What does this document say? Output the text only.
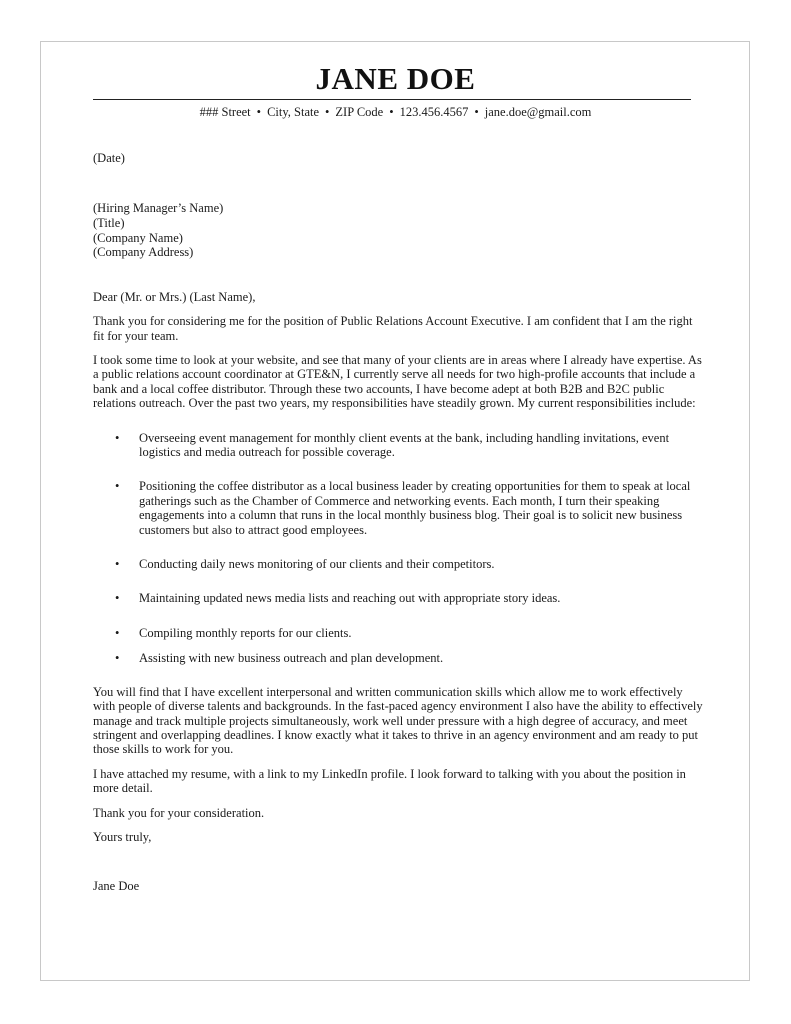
JANE DOE
### Street • City, State • ZIP Code • 123.456.4567 • jane.doe@gmail.com

(Date)

(Hiring Manager’s Name)
(Title)
(Company Name)
(Company Address)

Dear (Mr. or Mrs.) (Last Name),

Thank you for considering me for the position of Public Relations Account Executive. I am confident that I am the right fit for your team.

I took some time to look at your website, and see that many of your clients are in areas where I already have expertise. As a public relations account coordinator at GTE&N, I currently serve all needs for two high-profile accounts that include a bank and a local coffee distributor. Through these two accounts, I have become adept at both B2B and B2C public relations outreach. Over the past two years, my responsibilities have steadily grown. My current responsibilities include:

• Overseeing event management for monthly client events at the bank, including handling invitations, event logistics and media outreach for possible coverage.
• Positioning the coffee distributor as a local business leader by creating opportunities for them to speak at local gatherings such as the Chamber of Commerce and networking events. Each month, I turn their speaking engagements into a column that runs in the local monthly business blog. Their goal is to solicit new business customers but also to attract good employees.
• Conducting daily news monitoring of our clients and their competitors.
• Maintaining updated news media lists and reaching out with appropriate story ideas.
• Compiling monthly reports for our clients.
• Assisting with new business outreach and plan development.

You will find that I have excellent interpersonal and written communication skills which allow me to work effectively with people of diverse talents and backgrounds. In the fast-paced agency environment I also have the ability to effectively manage and track multiple projects simultaneously, work well under pressure with a high degree of accuracy, and meet stringent and overlapping deadlines. I know exactly what it takes to thrive in an agency environment and am ready to put those skills to work for you.

I have attached my resume, with a link to my LinkedIn profile. I look forward to talking with you about the position in more detail.

Thank you for your consideration.

Yours truly,

Jane Doe
